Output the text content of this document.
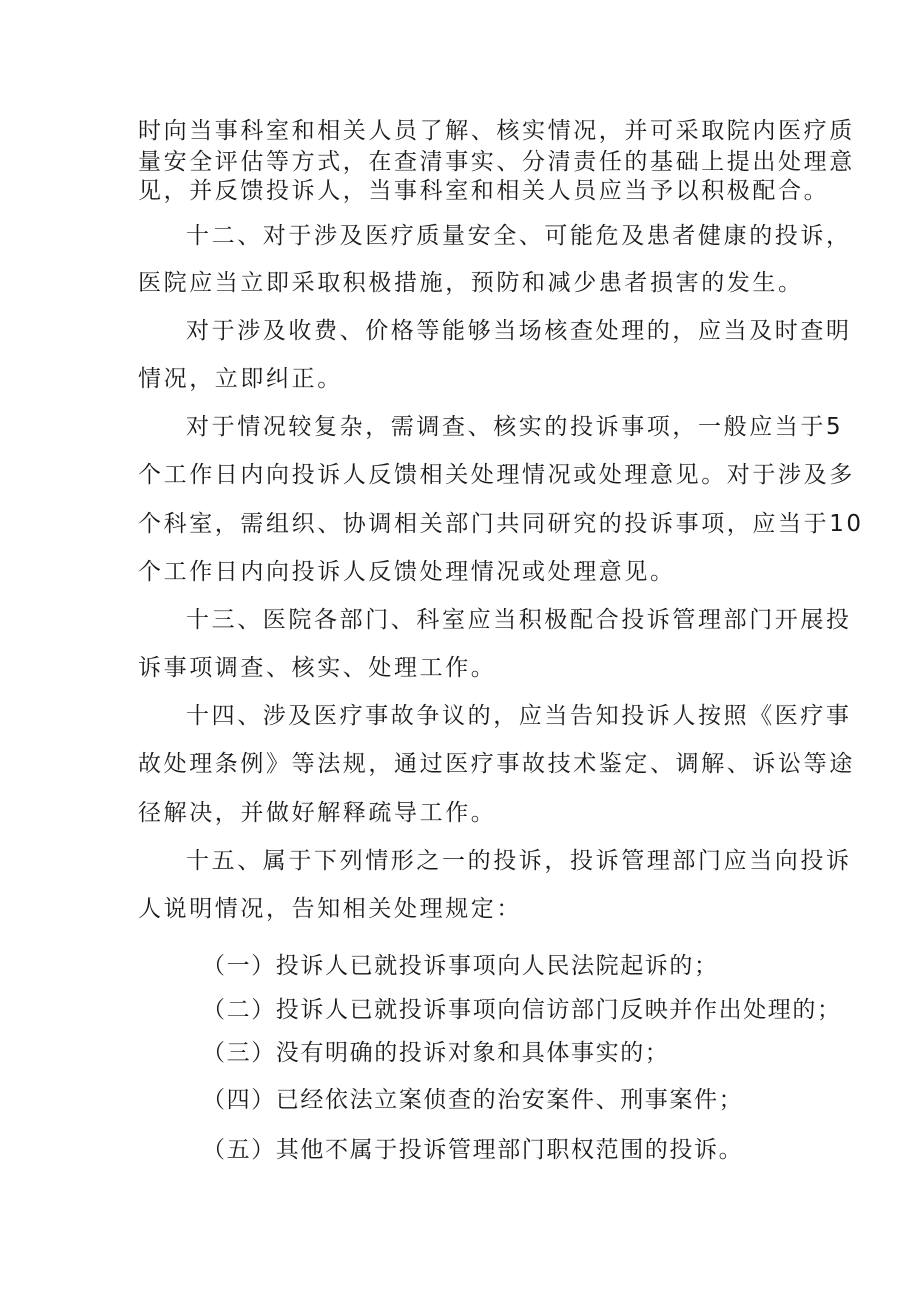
时向当事科室和相关人员了解、核实情况，并可采取院内医疗质

量安全评估等方式，在查清事实、分清责任的基础上提出处理意

见，并反馈投诉人，当事科室和相关人员应当予以积极配合。

十二、对于涉及医疗质量安全、可能危及患者健康的投诉，

医院应当立即采取积极措施，预防和减少患者损害的发生。

对于涉及收费、价格等能够当场核查处理的，应当及时查明

情况，立即纠正。

对于情况较复杂，需调查、核实的投诉事项，一般应当于5

个工作日内向投诉人反馈相关处理情况或处理意见。对于涉及多

个科室，需组织、协调相关部门共同研究的投诉事项，应当于10

个工作日内向投诉人反馈处理情况或处理意见。

十三、医院各部门、科室应当积极配合投诉管理部门开展投

诉事项调查、核实、处理工作。

十四、涉及医疗事故争议的，应当告知投诉人按照《医疗事

故处理条例》等法规，通过医疗事故技术鉴定、调解、诉讼等途

径解决，并做好解释疏导工作。

十五、属于下列情形之一的投诉，投诉管理部门应当向投诉

人说明情况，告知相关处理规定：

（一）投诉人已就投诉事项向人民法院起诉的；

（二）投诉人已就投诉事项向信访部门反映并作出处理的；

（三）没有明确的投诉对象和具体事实的；

（四）已经依法立案侦查的治安案件、刑事案件；

（五）其他不属于投诉管理部门职权范围的投诉。
